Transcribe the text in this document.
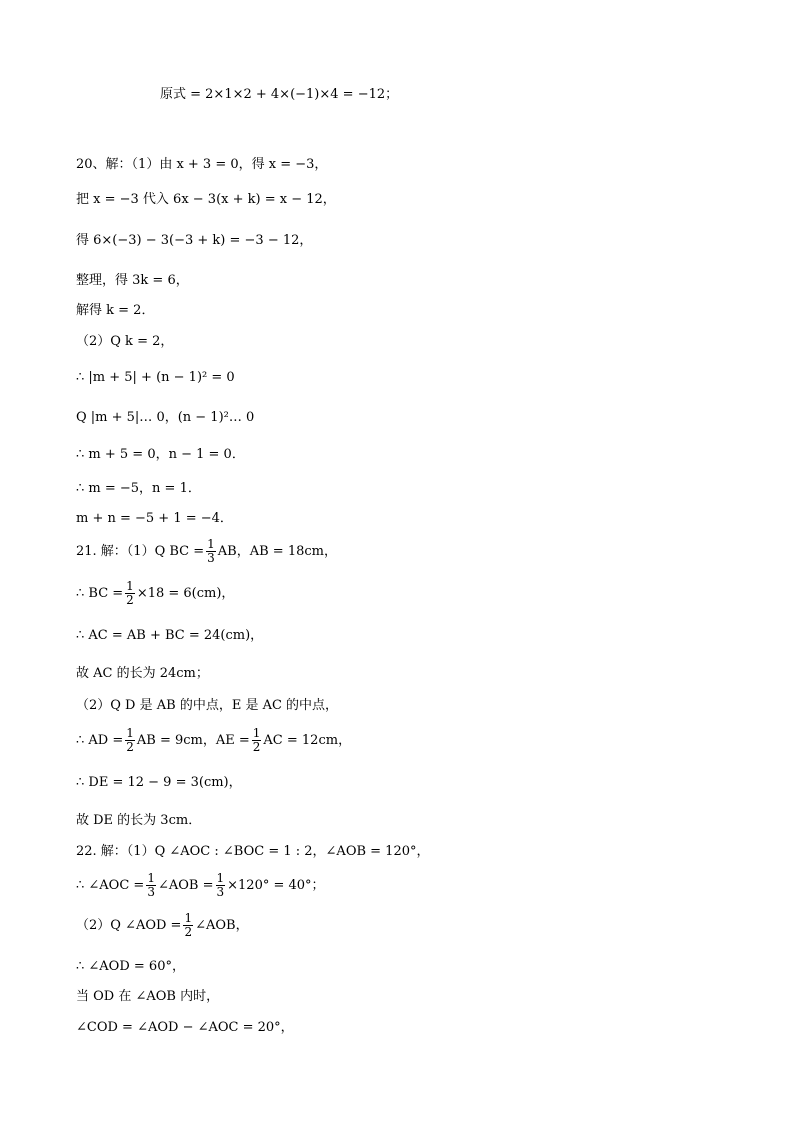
原式 = 2×1×2 + 4×(−1)×4 = −12；
20、解：（1）由 x + 3 = 0，得 x = −3，
把 x = −3 代入 6x − 3(x + k) = x − 12，
得 6×(−3) − 3(−3 + k) = −3 − 12，
整理，得 3k = 6，
解得 k = 2．
（2）Q k = 2，
∴ |m + 5| + (n − 1)² = 0
Q |m + 5|… 0，(n − 1)²… 0
∴ m + 5 = 0，n − 1 = 0．
∴ m = −5，n = 1．
m + n = −5 + 1 = −4．
21. 解：（1）Q BC = $\frac{1}{3}$ AB，AB = 18cm，
∴ BC = $\frac{1}{2} \times 18 = 6(cm)$，
∴ AC = AB + BC = 24(cm)，
故 AC 的长为 24cm；
（2）Q D 是 AB 的中点，E 是 AC 的中点，
∴ AD = $\frac{1}{2}$ AB = 9cm，AE = $\frac{1}{2}$ AC = 12cm，
∴ DE = 12 − 9 = 3(cm)，
故 DE 的长为 3cm．
22. 解：（1）Q ∠AOC : ∠BOC = 1 : 2，∠AOB = 120°，
∴ ∠AOC = $\frac{1}{3}$ ∠AOB = $\frac{1}{3} \times 120^\circ = 40^\circ$；
（2）Q ∠AOD = $\frac{1}{2}$ ∠AOB，
∴ ∠AOD = 60°，
当 OD 在 ∠AOB 内时，
∠COD = ∠AOD − ∠AOC = 20°，
